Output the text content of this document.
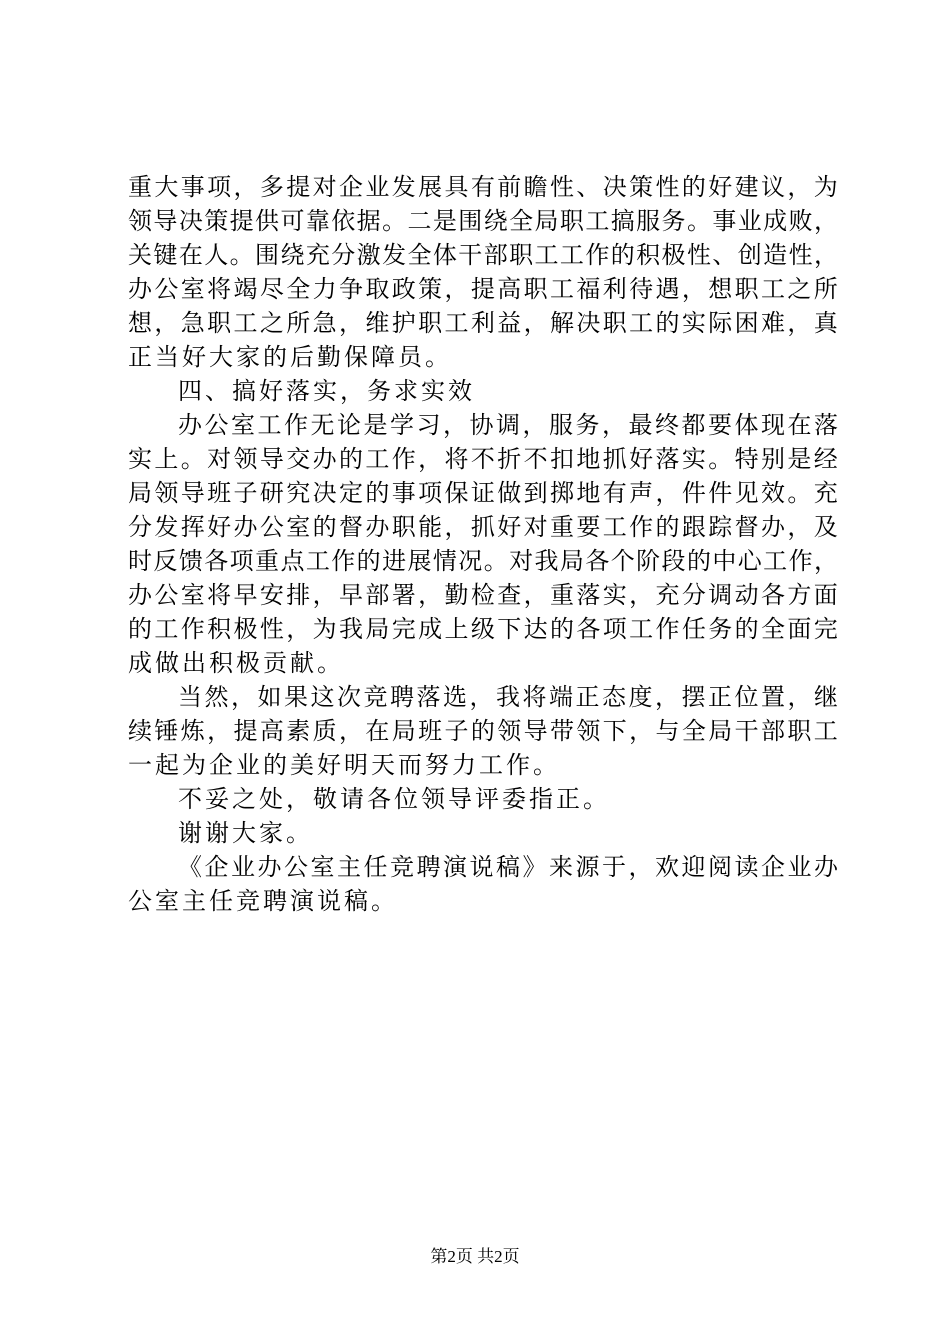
重 大 事 项 ， 多 提 对 企 业 发 展 具 有 前 瞻 性 、 决 策 性 的 好 建 议 ， 为
领 导 决 策 提 供 可 靠 依 据 。 二 是 围 绕 全 局 职 工 搞 服 务 。 事 业 成 败 ，
关 键 在 人 。 围 绕 充 分 激 发 全 体 干 部 职 工 工 作 的 积 极 性 、 创 造 性 ，
办 公 室 将 竭 尽 全 力 争 取 政 策 ， 提 高 职 工 福 利 待 遇 ， 想 职 工 之 所
想 ， 急 职 工 之 所 急 ， 维 护 职 工 利 益 ， 解 决 职 工 的 实 际 困 难 ， 真
正当好大家的后勤保障员。
四、搞好落实，务求实效
办 公 室 工 作 无 论 是 学 习 ， 协 调 ， 服 务 ， 最 终 都 要 体 现 在 落
实 上 。 对 领 导 交 办 的 工 作 ， 将 不 折 不 扣 地 抓 好 落 实 。 特 别 是 经
局 领 导 班 子 研 究 决 定 的 事 项 保 证 做 到 掷 地 有 声 ， 件 件 见 效 。 充
分 发 挥 好 办 公 室 的 督 办 职 能 ， 抓 好 对 重 要 工 作 的 跟 踪 督 办 ， 及
时 反 馈 各 项 重 点 工 作 的 进 展 情 况 。 对 我 局 各 个 阶 段 的 中 心 工 作 ，
办 公 室 将 早 安 排 ， 早 部 署 ， 勤 检 查 ， 重 落 实 ， 充 分 调 动 各 方 面
的 工 作 积 极 性 ， 为 我 局 完 成 上 级 下 达 的 各 项 工 作 任 务 的 全 面 完
成做出积极贡献。
当 然 ， 如 果 这 次 竞 聘 落 选 ， 我 将 端 正 态 度 ， 摆 正 位 置 ， 继
续 锤 炼 ， 提 高 素 质 ， 在 局 班 子 的 领 导 带 领 下 ， 与 全 局 干 部 职 工
一起为企业的美好明天而努力工作。
不妥之处，敬请各位领导评委指正。
谢谢大家。
《 企 业 办 公 室 主 任 竞 聘 演 说 稿 》 来 源 于 ， 欢 迎 阅 读 企 业 办
公室主任竞聘演说稿。
第2页 共2页
